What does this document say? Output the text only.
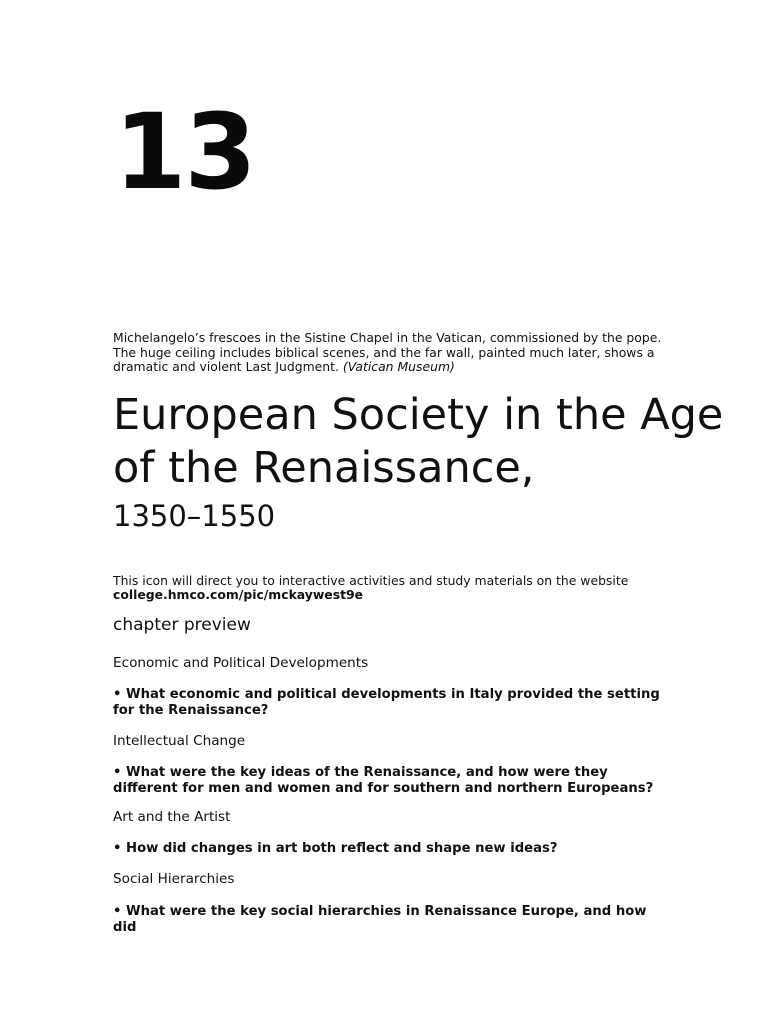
13

Michelangelo’s frescoes in the Sistine Chapel in the Vatican, commissioned by the pope. The huge ceiling includes biblical scenes, and the far wall, painted much later, shows a dramatic and violent Last Judgment. (Vatican Museum)

European Society in the Age of the Renaissance,
1350–1550

This icon will direct you to interactive activities and study materials on the website
college.hmco.com/pic/mckaywest9e

chapter preview
Economic and Political Developments

• What economic and political developments in Italy provided the setting for the Renaissance?

Intellectual Change

• What were the key ideas of the Renaissance, and how were they different for men and women and for southern and northern Europeans?

Art and the Artist

• How did changes in art both reflect and shape new ideas?

Social Hierarchies

• What were the key social hierarchies in Renaissance Europe, and how did
